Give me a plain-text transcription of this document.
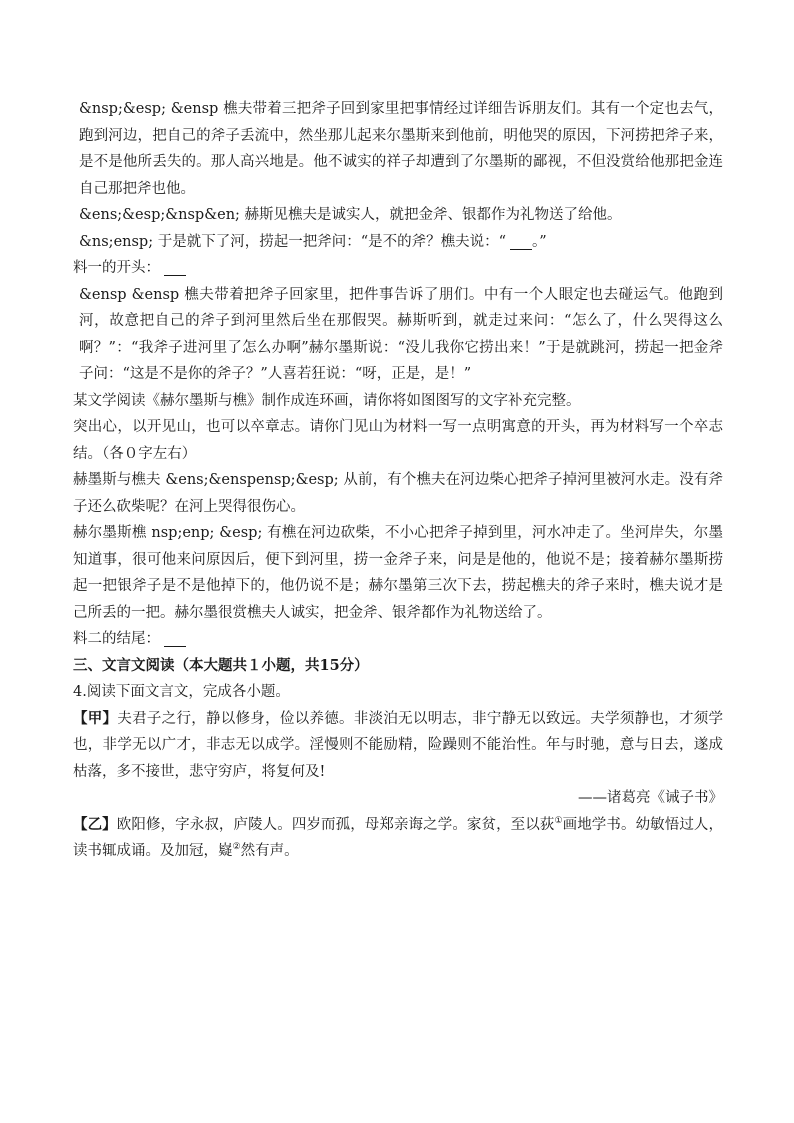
&nsp;&esp; &ensp 樵夫带着三把斧子回到家里把事情经过详细告诉朋友们。其有一个定也去气，跑到河边，把自己的斧子丢流中，然坐那儿起来尔墨斯来到他前，明他哭的原因，下河捞把斧子来，是不是他所丢失的。那人高兴地是。他不诚实的祥子却遭到了尔墨斯的鄙视，不但没赏给他那把金连自己那把斧也他。

&ens;&esp;&nsp&en; 赫斯见樵夫是诚实人，就把金斧、银都作为礼物送了给他。

&ns;ensp; 于是就下了河，捞起一把斧问：“是不的斧？樵夫说：“ ___。”

料一的开头： ___

&ensp &ensp 樵夫带着把斧子回家里，把件事告诉了朋们。中有一个人眼定也去碰运气。他跑到河，故意把自己的斧子到河里然后坐在那假哭。赫斯听到，就走过来问：“怎么了，什么哭得这么啊？”：“我斧子进河里了怎么办啊”赫尔墨斯说：“没儿我你它捞出来！”于是就跳河，捞起一把金斧子问：“这是不是你的斧子？”人喜若狂说：“呀，正是，是！”

某文学阅读《赫尔墨斯与樵》制作成连环画，请你将如图图写的文字补充完整。

突出心，以开见山，也可以卒章志。请你门见山为材料一写一点明寓意的开头，再为材料写一个卒志结。（各０字左右）

赫墨斯与樵夫 &ens;&enspensp;&esp; 从前，有个樵夫在河边柴心把斧子掉河里被河水走。没有斧子还么砍柴呢？在河上哭得很伤心。

赫尔墨斯樵 nsp;enp; &esp; 有樵在河边砍柴，不小心把斧子掉到里，河水冲走了。坐河岸失，尔墨知道事，很可他来问原因后，便下到河里，捞一金斧子来，问是是他的，他说不是；接着赫尔墨斯捞起一把银斧子是不是他掉下的，他仍说不是；赫尔墨第三次下去，捞起樵夫的斧子来时，樵夫说才是己所丢的一把。赫尔墨很赏樵夫人诚实，把金斧、银斧都作为礼物送给了。

料二的结尾： ___

三、文言文阅读（本大题共１小题，共15分）

4.阅读下面文言文，完成各小题。

【甲】夫君子之行，静以修身，俭以养德。非淡泊无以明志，非宁静无以致远。夫学须静也，才须学也，非学无以广才，非志无以成学。淫慢则不能励精，险躁则不能治性。年与时驰，意与日去，遂成枯落，多不接世，悲守穷庐，将复何及!

——诸葛亮《诫子书》

【乙】欧阳修，字永叔，庐陵人。四岁而孤，母郑亲诲之学。家贫，至以荻①画地学书。幼敏悟过人，读书辄成诵。及加冠，嶷②然有声。
